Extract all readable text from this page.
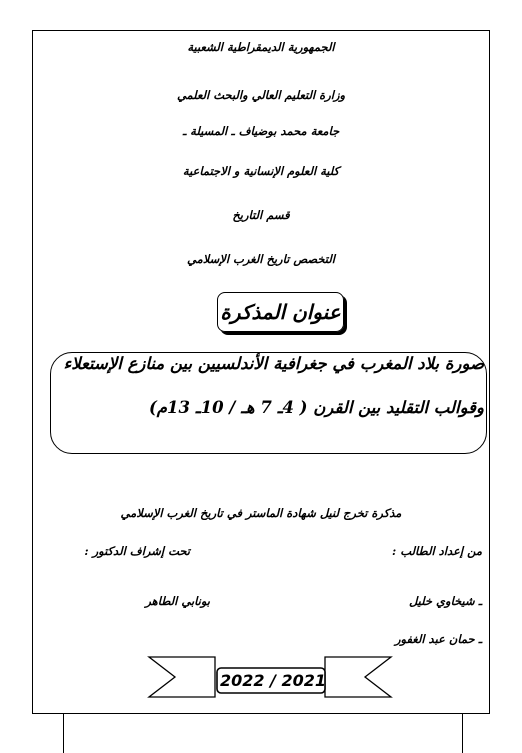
الجمهورية الديمقراطية الشعبية
وزارة التعليم العالي والبحث العلمي
جامعة محمد بوضياف ـ المسيلة ـ
كلية العلوم الإنسانية و الاجتماعية
قسم التاريخ
التخصص تاريخ الغرب الإسلامي
عنوان المذكرة
صورة بلاد المغرب في جغرافية الأندلسيين بين منازع الإستعلاء
وقوالب التقليد بين القرن ( 4ـ 7 هـ / 10ـ 13م)
مذكرة تخرج لنيل شهادة الماستر في تاريخ الغرب الإسلامي
من إعداد الطالب :
تحت إشراف الدكتور :
ـ شيخاوي خليل
بونابي الطاهر
ـ حمان عبد الغفور
2022 / 2021
